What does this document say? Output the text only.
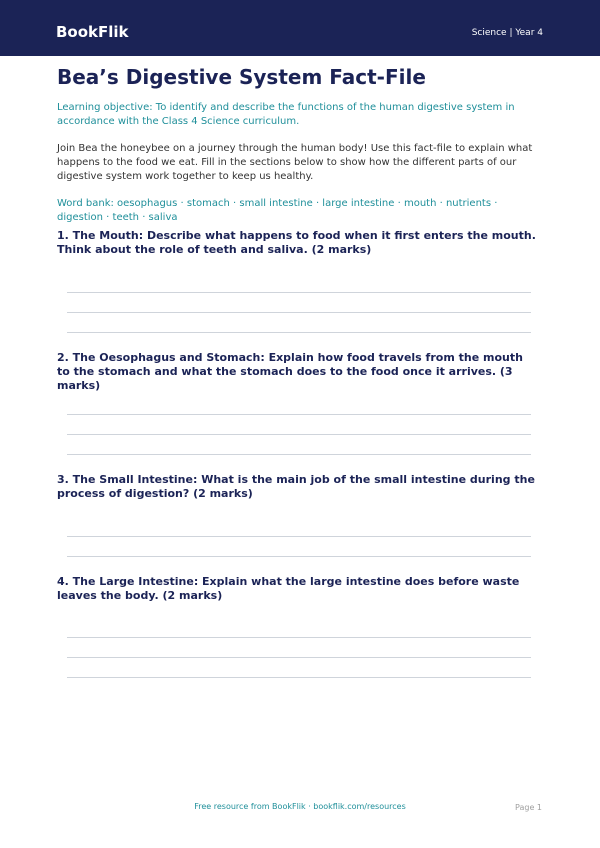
BookFlik	Science | Year 4
Bea’s Digestive System Fact-File
Learning objective: To identify and describe the functions of the human digestive system in accordance with the Class 4 Science curriculum.
Join Bea the honeybee on a journey through the human body! Use this fact-file to explain what happens to the food we eat. Fill in the sections below to show how the different parts of our digestive system work together to keep us healthy.
Word bank: oesophagus · stomach · small intestine · large intestine · mouth · nutrients · digestion · teeth · saliva
1. The Mouth: Describe what happens to food when it first enters the mouth. Think about the role of teeth and saliva. (2 marks)
2. The Oesophagus and Stomach: Explain how food travels from the mouth to the stomach and what the stomach does to the food once it arrives. (3 marks)
3. The Small Intestine: What is the main job of the small intestine during the process of digestion? (2 marks)
4. The Large Intestine: Explain what the large intestine does before waste leaves the body. (2 marks)
Free resource from BookFlik · bookflik.com/resources	Page 1
